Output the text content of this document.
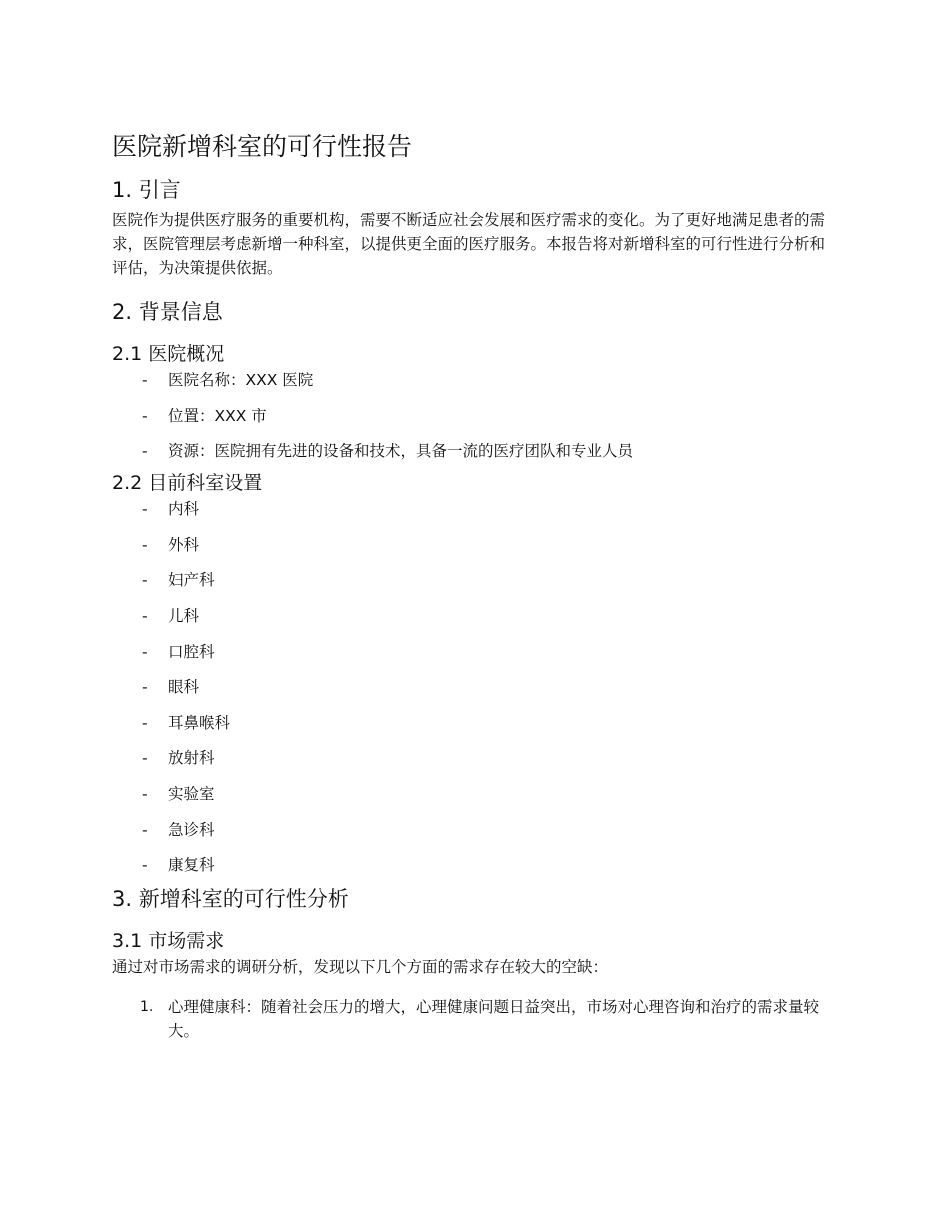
医院新增科室的可行性报告
1. 引言

医院作为提供医疗服务的重要机构，需要不断适应社会发展和医疗需求的变化。为了更好地满足患者的需求，医院管理层考虑新增一种科室，以提供更全面的医疗服务。本报告将对新增科室的可行性进行分析和评估，为决策提供依据。

2. 背景信息
2.1 医院概况
- 医院名称：XXX 医院
- 位置：XXX 市
- 资源：医院拥有先进的设备和技术，具备一流的医疗团队和专业人员
2.2 目前科室设置
- 内科
- 外科
- 妇产科
- 儿科
- 口腔科
- 眼科
- 耳鼻喉科
- 放射科
- 实验室
- 急诊科
- 康复科
3. 新增科室的可行性分析
3.1 市场需求

通过对市场需求的调研分析，发现以下几个方面的需求存在较大的空缺：

1. 心理健康科：随着社会压力的增大，心理健康问题日益突出，市场对心理咨询和治疗的需求量较大。
